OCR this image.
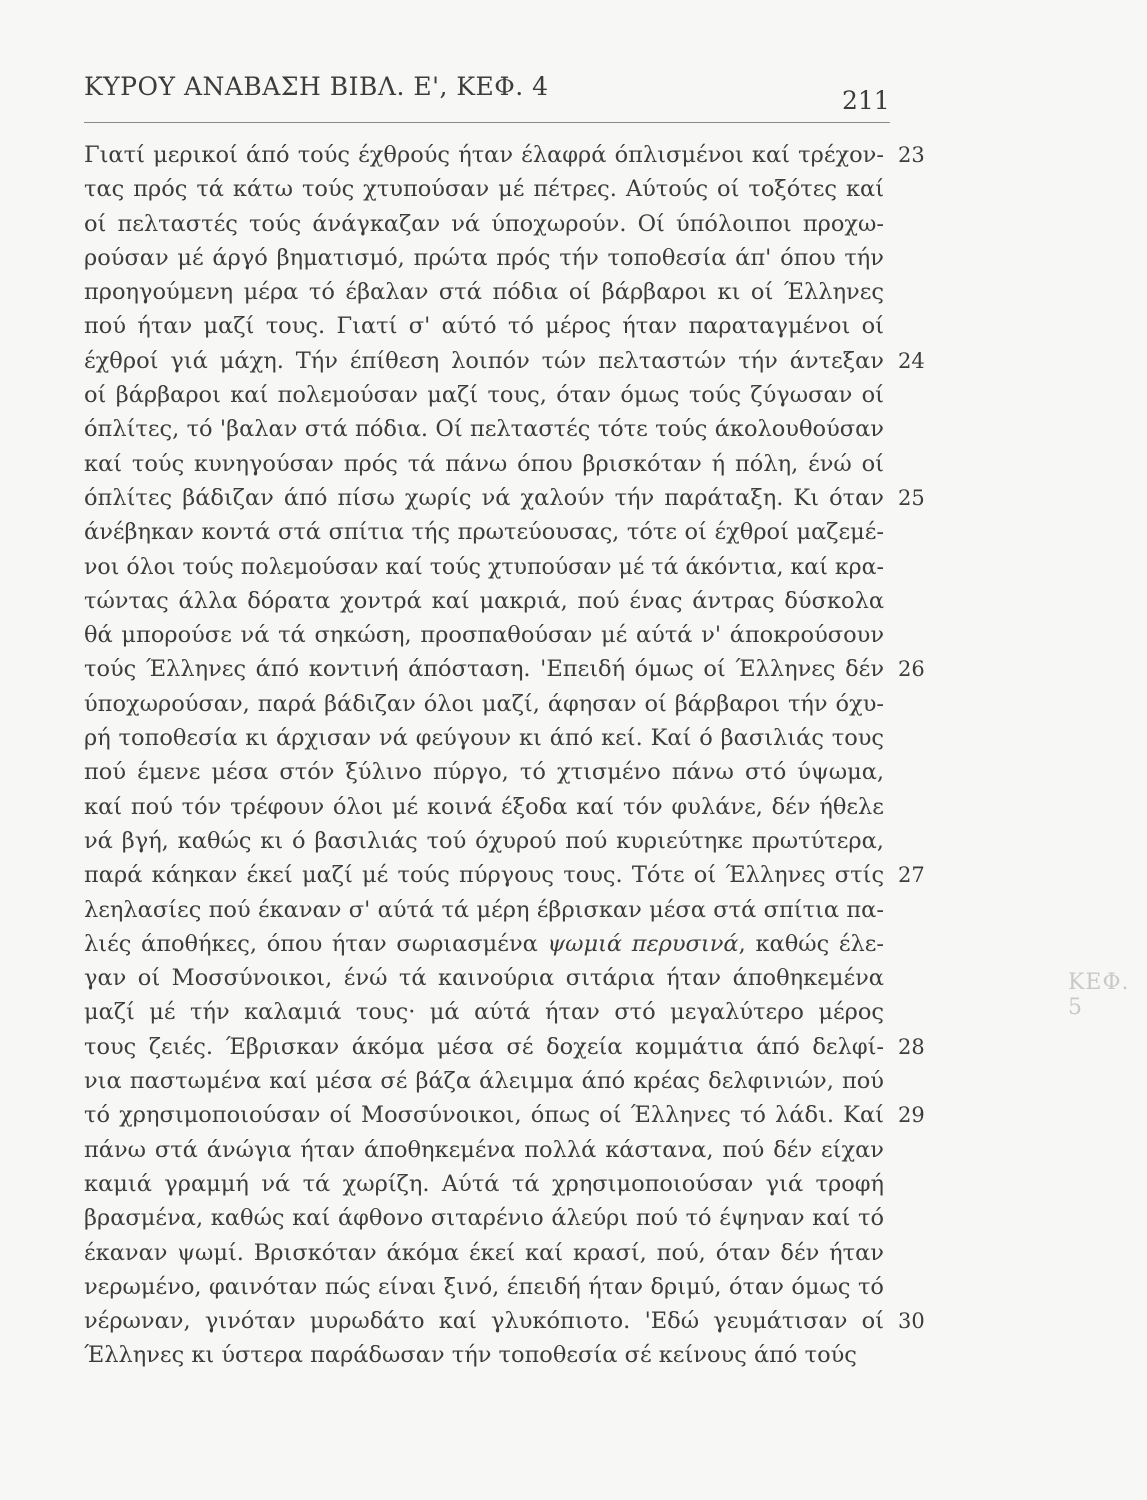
ΚΥΡΟΥ ΑΝΑΒΑΣΗ ΒΙΒΛ. Ε', ΚΕΦ. 4	211
Γιατί μερικοί άπό τούς έχθρούς ήταν έλαφρά όπλισμένοι καί τρέχον- 23
τας πρός τά κάτω τούς χτυπούσαν μέ πέτρες. Αύτούς οί τοξότες καί
οί πελταστές τούς άνάγκαζαν νά ύποχωρούν. Οί ύπόλοιποι προχω-
ρούσαν μέ άργό βηματισμό, πρώτα πρός τήν τοποθεσία άπ' όπου τήν
προηγούμενη μέρα τό έβαλαν στά πόδια οί βάρβαροι κι οί Έλληνες
πού ήταν μαζί τους. Γιατί σ' αύτό τό μέρος ήταν παραταγμένοι οί
έχθροί γιά μάχη. Τήν έπίθεση λοιπόν τών πελταστών τήν άντεξαν 24
οί βάρβαροι καί πολεμούσαν μαζί τους, όταν όμως τούς ζύγωσαν οί
όπλίτες, τό 'βαλαν στά πόδια. Οί πελταστές τότε τούς άκολουθούσαν
καί τούς κυνηγούσαν πρός τά πάνω όπου βρισκόταν ή πόλη, ένώ οί
όπλίτες βάδιζαν άπό πίσω χωρίς νά χαλούν τήν παράταξη. Κι όταν 25
άνέβηκαν κοντά στά σπίτια τής πρωτεύουσας, τότε οί έχθροί μαζεμέ-
νοι όλοι τούς πολεμούσαν καί τούς χτυπούσαν μέ τά άκόντια, καί κρα-
τώντας άλλα δόρατα χοντρά καί μακριά, πού ένας άντρας δύσκολα
θά μπορούσε νά τά σηκώση, προσπαθούσαν μέ αύτά ν' άποκρούσουν
τούς Έλληνες άπό κοντινή άπόσταση. 'Επειδή όμως οί Έλληνες δέν 26
ύποχωρούσαν, παρά βάδιζαν όλοι μαζί, άφησαν οί βάρβαροι τήν όχυ-
ρή τοποθεσία κι άρχισαν νά φεύγουν κι άπό κεί. Καί ό βασιλιάς τους
πού έμενε μέσα στόν ξύλινο πύργο, τό χτισμένο πάνω στό ύψωμα,
καί πού τόν τρέφουν όλοι μέ κοινά έξοδα καί τόν φυλάνε, δέν ήθελε
νά βγή, καθώς κι ό βασιλιάς τού όχυρού πού κυριεύτηκε πρωτύτερα,
παρά κάηκαν έκεί μαζί μέ τούς πύργους τους. Τότε οί Έλληνες στίς 27
λεηλασίες πού έκαναν σ' αύτά τά μέρη έβρισκαν μέσα στά σπίτια πα-
λιές άποθήκες, όπου ήταν σωριασμένα ψωμιά περυσινά, καθώς έλε-
γαν οί Μοσσύνοικοι, ένώ τά καινούρια σιτάρια ήταν άποθηκεμένα
μαζί μέ τήν καλαμιά τους· μά αύτά ήταν στό μεγαλύτερο μέρος
τους ζειές. Έβρισκαν άκόμα μέσα σέ δοχεία κομμάτια άπό δελφί- 28
νια παστωμένα καί μέσα σέ βάζα άλειμμα άπό κρέας δελφινιών, πού
τό χρησιμοποιούσαν οί Μοσσύνοικοι, όπως οί Έλληνες τό λάδι. Καί 29
πάνω στά άνώγια ήταν άποθηκεμένα πολλά κάστανα, πού δέν είχαν
καμιά γραμμή νά τά χωρίζη. Αύτά τά χρησιμοποιούσαν γιά τροφή
βρασμένα, καθώς καί άφθονο σιταρένιο άλεύρι πού τό έψηναν καί τό
έκαναν ψωμί. Βρισκόταν άκόμα έκεί καί κρασί, πού, όταν δέν ήταν
νερωμένο, φαινόταν πώς είναι ξινό, έπειδή ήταν δριμύ, όταν όμως τό
νέρωναν, γινόταν μυρωδάτο καί γλυκόπιοτο. 'Εδώ γευμάτισαν οί 30
Έλληνες κι ύστερα παράδωσαν τήν τοποθεσία σέ κείνους άπό τούς
ΚΕΦ. 5
